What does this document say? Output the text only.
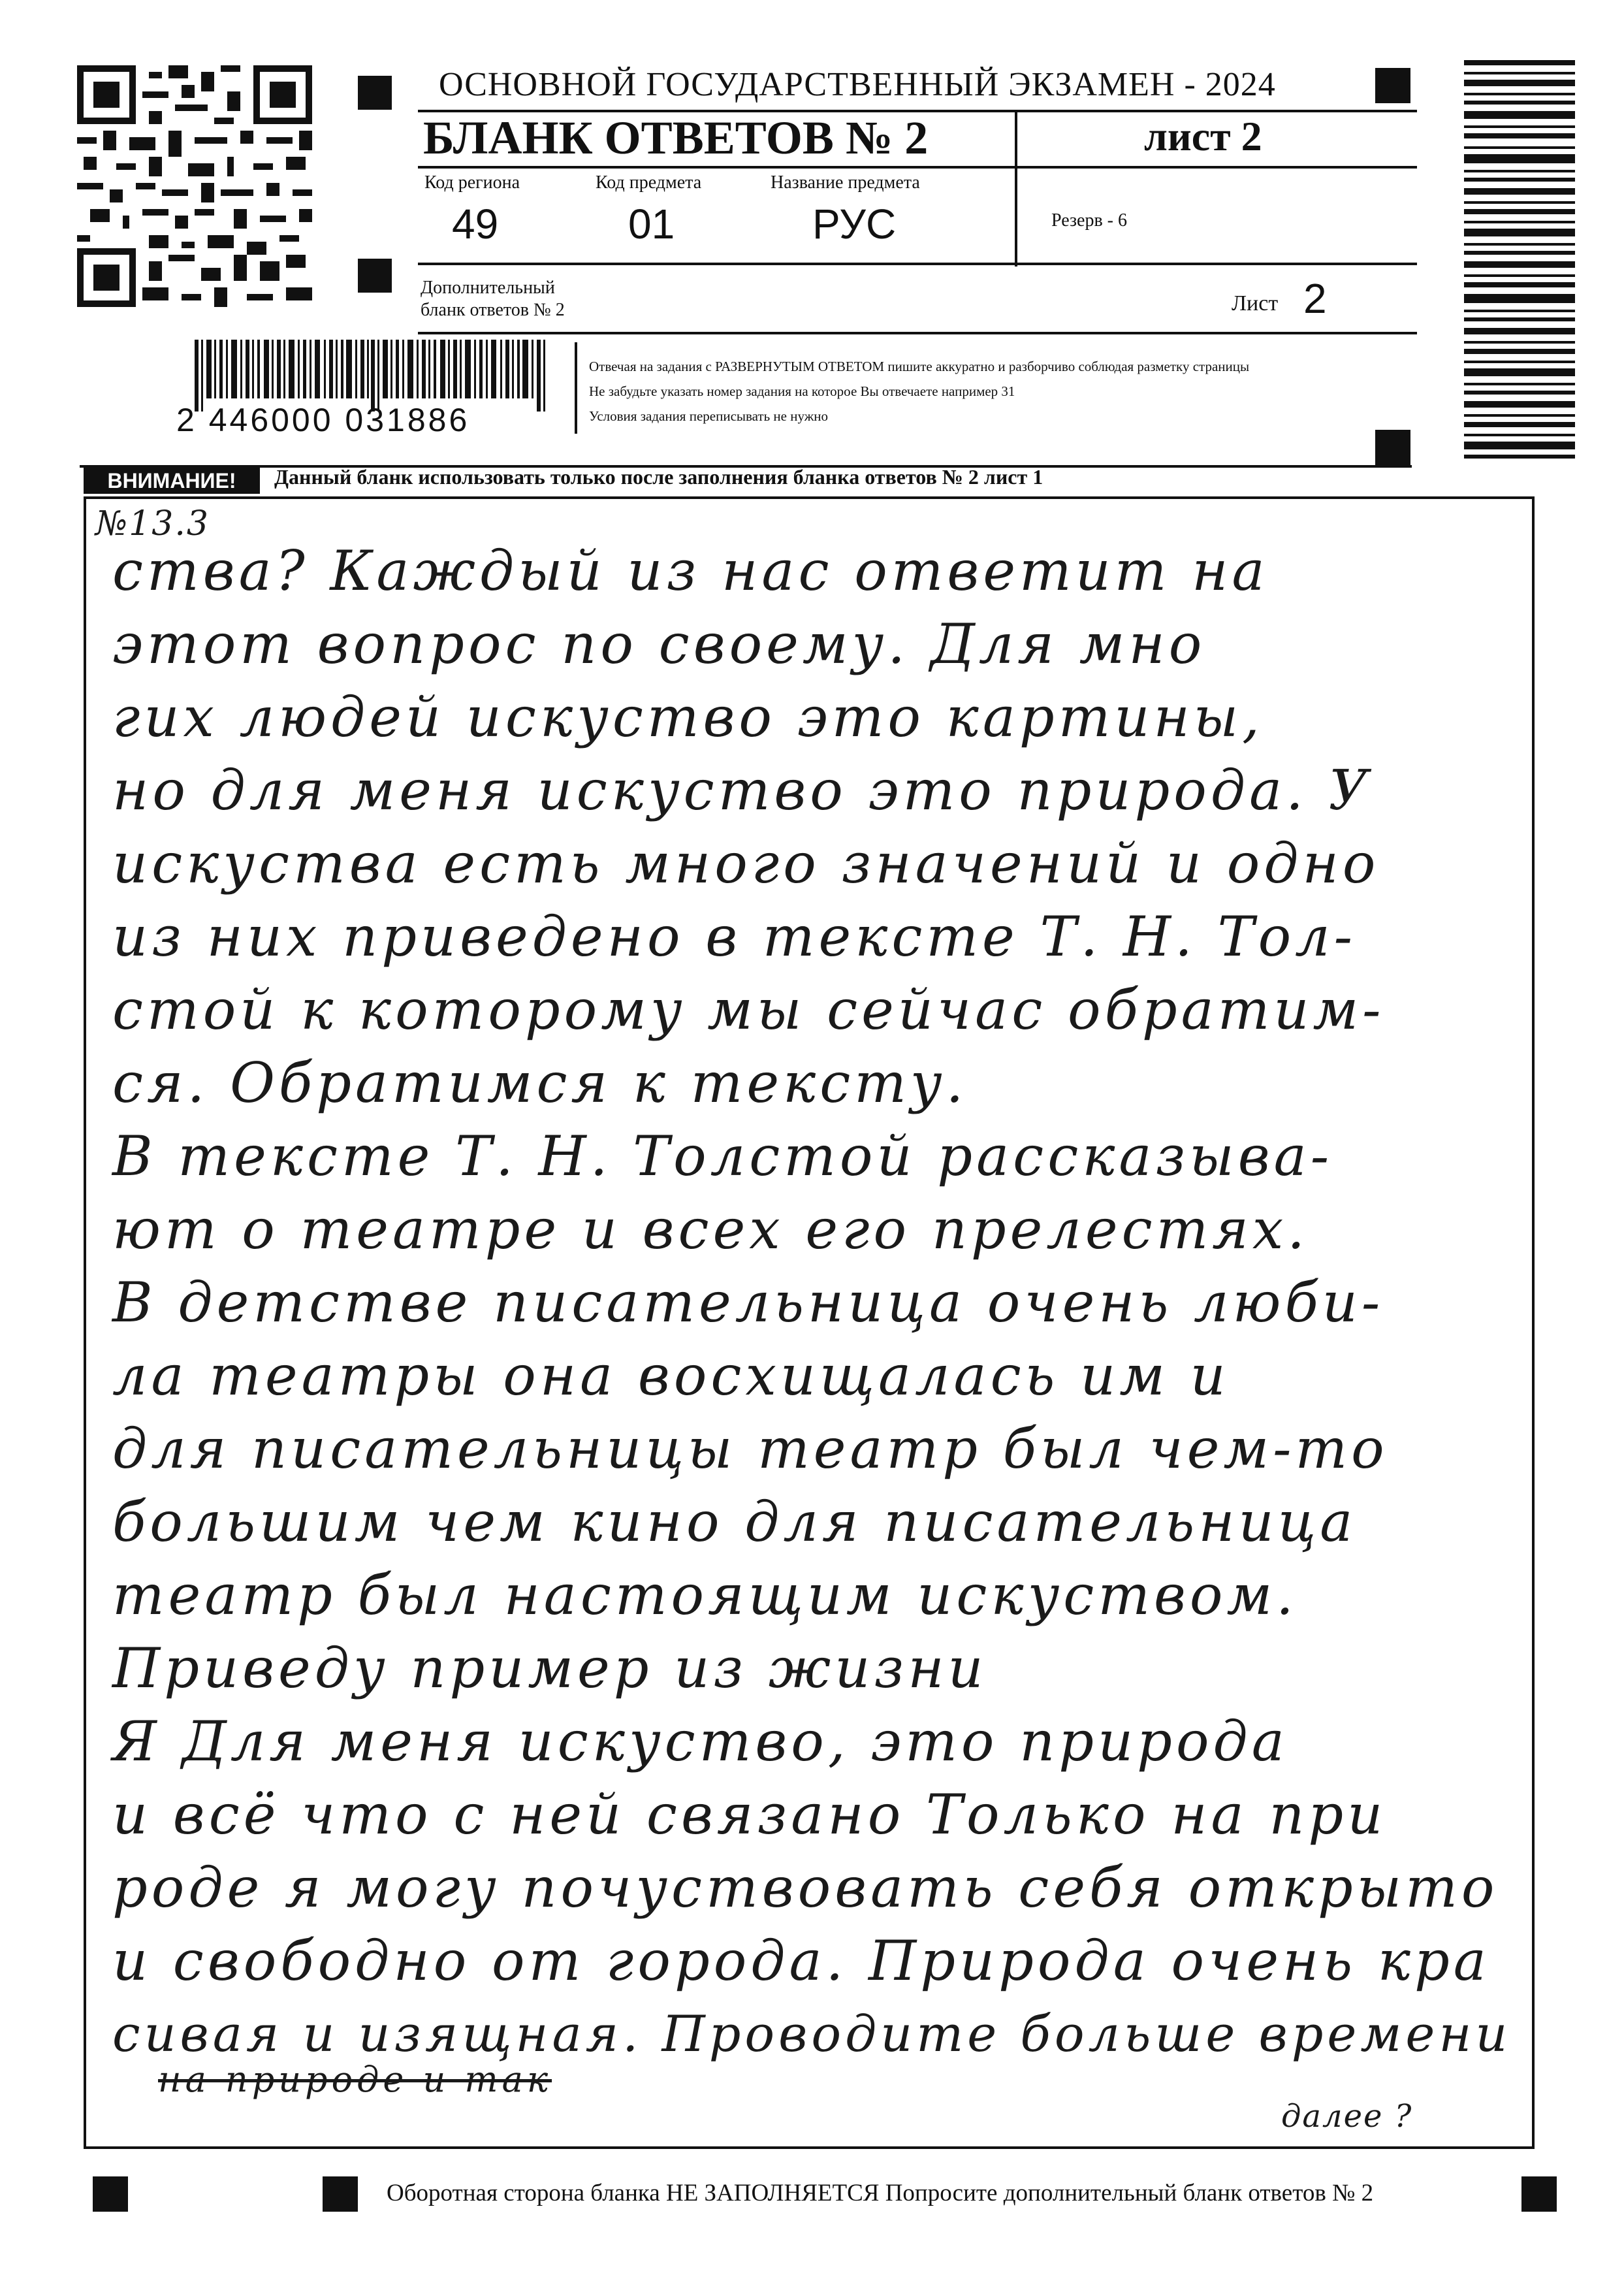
ОСНОВНОЙ ГОСУДАРСТВЕННЫЙ ЭКЗАМЕН - 2024
БЛАНК ОТВЕТОВ № 2	лист 2
Код региона
49
Код предмета
01
Название предмета
РУС	Резерв - 6
Дополнительный
бланк ответов № 2	Лист 2
2 446000 031886
Отвечая на задания с РАЗВЕРНУТЫМ ОТВЕТОМ пишите аккуратно и разборчиво соблюдая разметку страницы
Не забудьте указать номер задания на которое Вы отвечаете например 31
Условия задания переписывать не нужно
ВНИМАНИЕ!	Данный бланк использовать только после заполнения бланка ответов № 2 лист 1
№13.3
ства? Каждый из нас ответит на
этот вопрос по своему. Для мно
гих людей искуство это картины,
но для меня искуство это природа. У
искуства есть много значений и одно
из них приведено в тексте Т. Н. Тол-
стой к которому мы сейчас обратим-
ся. Обратимся к тексту.
В тексте Т. Н. Толстой рассказыва-
ют о театре и всех его прелестях.
В детстве писательница очень люби-
ла театры она восхищалась им и
для писательницы театр был чем-то
большим чем кино для писательница
театр был настоящим искуством.
Приведу пример из жизни
Я Для меня искуство, это природа
и всё что с ней связано Только на при
роде я могу почуствовать себя открыто
и свободно от города. Природа очень кра
сивая и изящная. Проводите больше времени
на природе и так
далее ?
Оборотная сторона бланка НЕ ЗАПОЛНЯЕТСЯ Попросите дополнительный бланк ответов № 2
